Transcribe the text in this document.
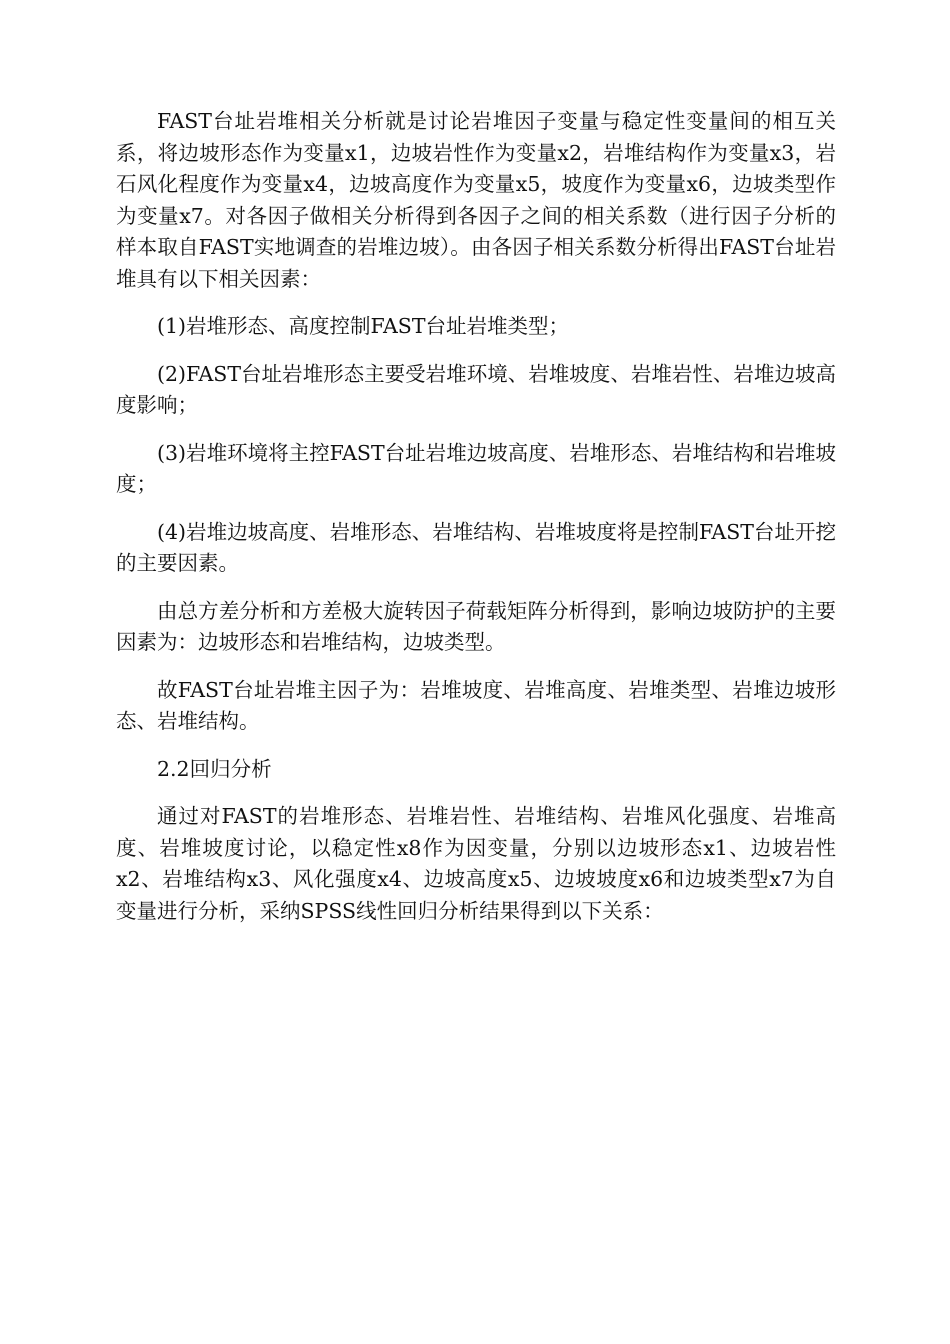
FAST台址岩堆相关分析就是讨论岩堆因子变量与稳定性变量间的相互关系，将边坡形态作为变量x1，边坡岩性作为变量x2，岩堆结构作为变量x3，岩石风化程度作为变量x4，边坡高度作为变量x5，坡度作为变量x6，边坡类型作为变量x7。对各因子做相关分析得到各因子之间的相关系数（进行因子分析的样本取自FAST实地调查的岩堆边坡）。由各因子相关系数分析得出FAST台址岩堆具有以下相关因素：

(1)岩堆形态、高度控制FAST台址岩堆类型；

(2)FAST台址岩堆形态主要受岩堆环境、岩堆坡度、岩堆岩性、岩堆边坡高度影响；

(3)岩堆环境将主控FAST台址岩堆边坡高度、岩堆形态、岩堆结构和岩堆坡度；

(4)岩堆边坡高度、岩堆形态、岩堆结构、岩堆坡度将是控制FAST台址开挖的主要因素。

由总方差分析和方差极大旋转因子荷载矩阵分析得到，影响边坡防护的主要因素为：边坡形态和岩堆结构，边坡类型。

故FAST台址岩堆主因子为：岩堆坡度、岩堆高度、岩堆类型、岩堆边坡形态、岩堆结构。

2.2回归分析

通过对FAST的岩堆形态、岩堆岩性、岩堆结构、岩堆风化强度、岩堆高度、岩堆坡度讨论，以稳定性x8作为因变量，分别以边坡形态x1、边坡岩性x2、岩堆结构x3、风化强度x4、边坡高度x5、边坡坡度x6和边坡类型x7为自变量进行分析，采纳SPSS线性回归分析结果得到以下关系：
